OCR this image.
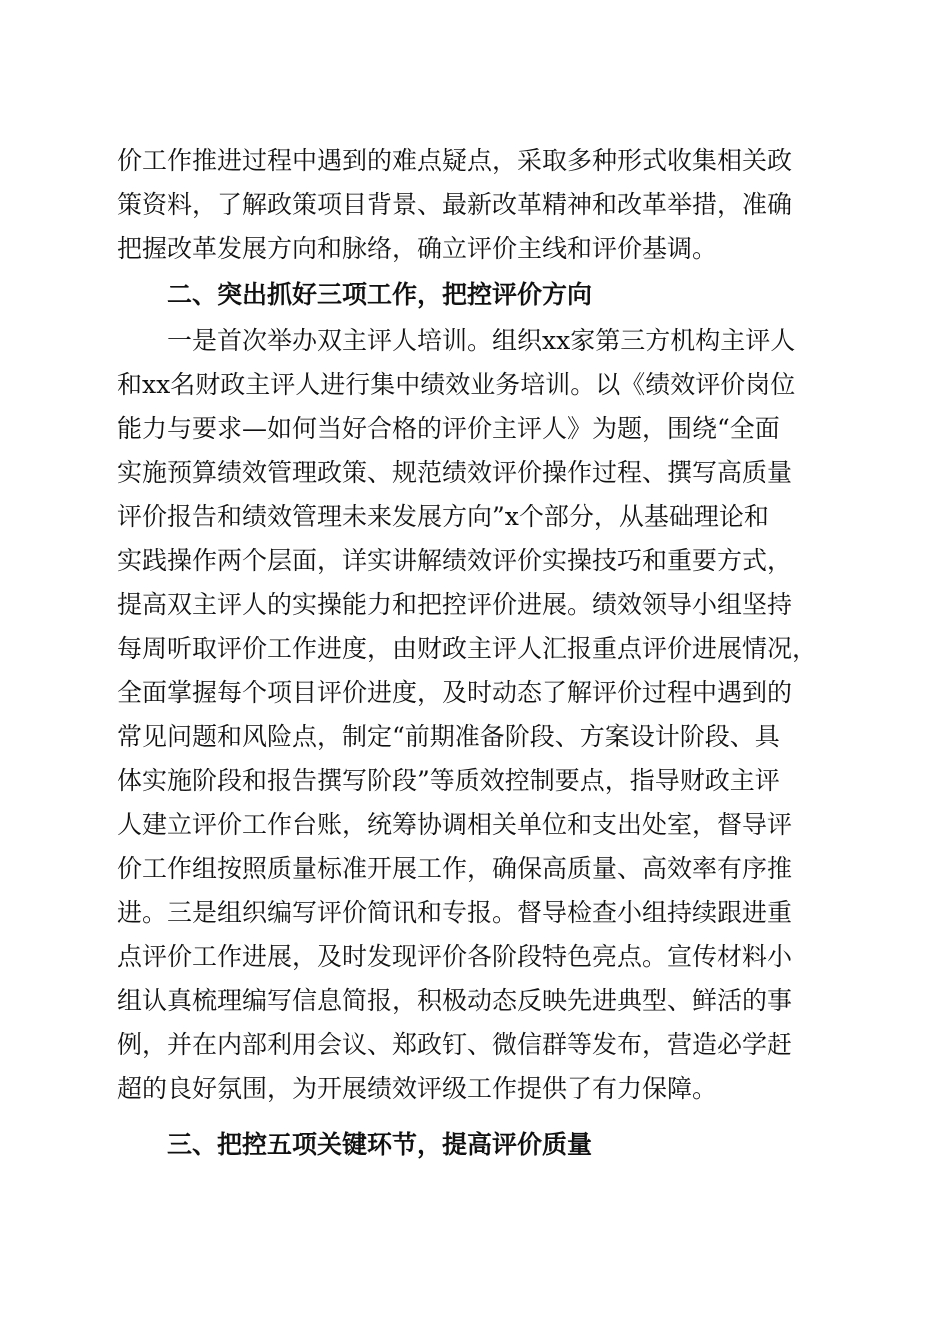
价工作推进过程中遇到的难点疑点，采取多种形式收集相关政
策资料，了解政策项目背景、最新改革精神和改革举措，准确
把握改革发展方向和脉络，确立评价主线和评价基调。
二、突出抓好三项工作，把控评价方向
一是首次举办双主评人培训。组织xx家第三方机构主评人
和xx名财政主评人进行集中绩效业务培训。以《绩效评价岗位
能力与要求—如何当好合格的评价主评人》为题，围绕“全面
实施预算绩效管理政策、规范绩效评价操作过程、撰写高质量
评价报告和绩效管理未来发展方向”x个部分，从基础理论和
实践操作两个层面，详实讲解绩效评价实操技巧和重要方式，
提高双主评人的实操能力和把控评价进展。绩效领导小组坚持
每周听取评价工作进度，由财政主评人汇报重点评价进展情况，
全面掌握每个项目评价进度，及时动态了解评价过程中遇到的
常见问题和风险点，制定“前期准备阶段、方案设计阶段、具
体实施阶段和报告撰写阶段”等质效控制要点，指导财政主评
人建立评价工作台账，统筹协调相关单位和支出处室，督导评
价工作组按照质量标准开展工作，确保高质量、高效率有序推
进。三是组织编写评价简讯和专报。督导检查小组持续跟进重
点评价工作进展，及时发现评价各阶段特色亮点。宣传材料小
组认真梳理编写信息简报，积极动态反映先进典型、鲜活的事
例，并在内部利用会议、郑政钉、微信群等发布，营造必学赶
超的良好氛围，为开展绩效评级工作提供了有力保障。
三、把控五项关键环节，提高评价质量
